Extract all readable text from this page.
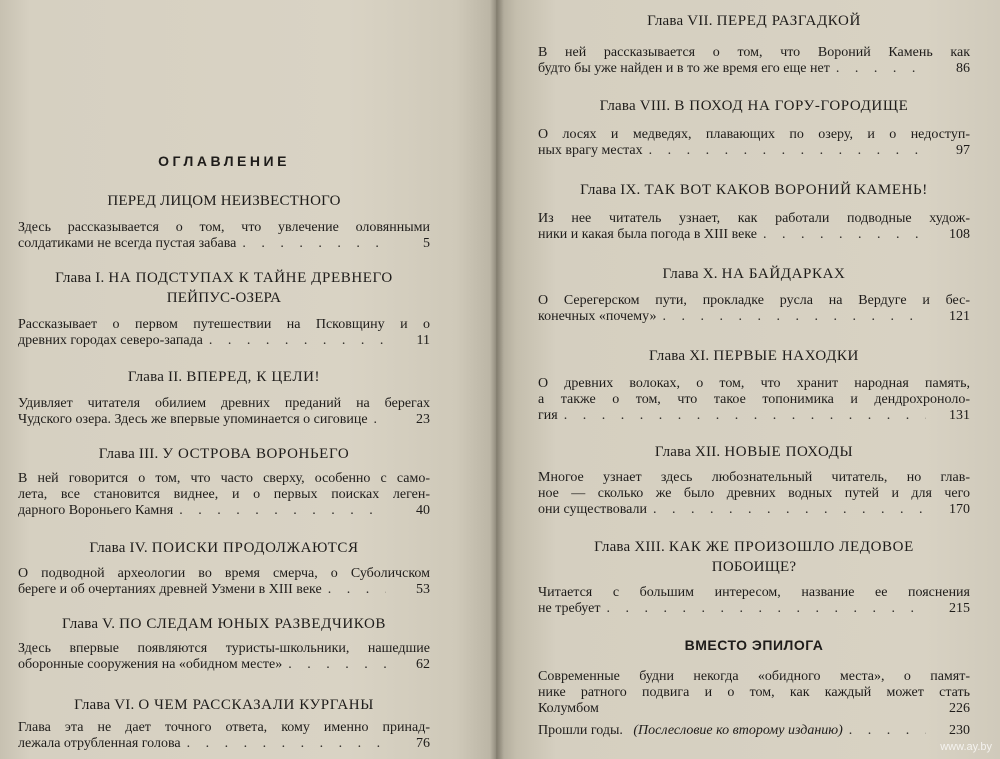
ОГЛАВЛЕНИЕ
ПЕРЕД ЛИЦОМ НЕИЗВЕСТНОГО
Здесь рассказывается о том, что увлечение оловянными
солдатиками не всегда пустая забава . . .	5
Глава I. НА ПОДСТУПАХ К ТАЙНЕ ДРЕВНЕГО
ПЕЙПУС-ОЗЕРА
Рассказывает о первом путешествии на Псковщину и о
древних городах северо-запада . . .	11
Глава II. ВПЕРЕД, К ЦЕЛИ!
Удивляет читателя обилием древних преданий на берегах
Чудского озера. Здесь же впервые упоминается о сиговице . . .	23
Глава III. У ОСТРОВА ВОРОНЬЕГО
В ней говорится о том, что часто сверху, особенно с само-
лета, все становится виднее, и о первых поисках леген-
дарного Вороньего Камня . . .	40
Глава IV. ПОИСКИ ПРОДОЛЖАЮТСЯ
О подводной археологии во время смерча, о Суболичском
береге и об очертаниях древней Узмени в XIII веке . . .	53
Глава V. ПО СЛЕДАМ ЮНЫХ РАЗВЕДЧИКОВ
Здесь впервые появляются туристы-школьники, нашедшие
оборонные сооружения на «обидном месте» . . .	62
Глава VI. О ЧЕМ РАССКАЗАЛИ КУРГАНЫ
Глава эта не дает точного ответа, кому именно принад-
лежала отрубленная голова . . .	76
Глава VII. ПЕРЕД РАЗГАДКОЙ
В ней рассказывается о том, что Вороний Камень как
будто бы уже найден и в то же время его еще нет . . .	86
Глава VIII. В ПОХОД НА ГОРУ-ГОРОДИЩЕ
О лосях и медведях, плавающих по озеру, и о недоступ-
ных врагу местах . . .	97
Глава IX. ТАК ВОТ КАКОВ ВОРОНИЙ КАМЕНЬ!
Из нее читатель узнает, как работали подводные худож-
ники и какая была погода в XIII веке . . .	108
Глава X. НА БАЙДАРКАХ
О Серегерском пути, прокладке русла на Вердуге и бес-
конечных «почему» . . .	121
Глава XI. ПЕРВЫЕ НАХОДКИ
О древних волоках, о том, что хранит народная память,
а также о том, что такое топонимика и дендрохроноло-
гия . . .	131
Глава XII. НОВЫЕ ПОХОДЫ
Многое узнает здесь любознательный читатель, но глав-
ное — сколько же было древних водных путей и для чего
они существовали . . .	170
Глава XIII. КАК ЖЕ ПРОИЗОШЛО ЛЕДОВОЕ
ПОБОИЩЕ?
Читается с большим интересом, название ее пояснения
не требует . . .	215
ВМЕСТО ЭПИЛОГА
Современные будни некогда «обидного места», о памят-
нике ратного подвига и о том, как каждый может стать
Колумбом	226
Прошли годы. (Послесловие ко второму изданию) . . .	230
www.ay.by
